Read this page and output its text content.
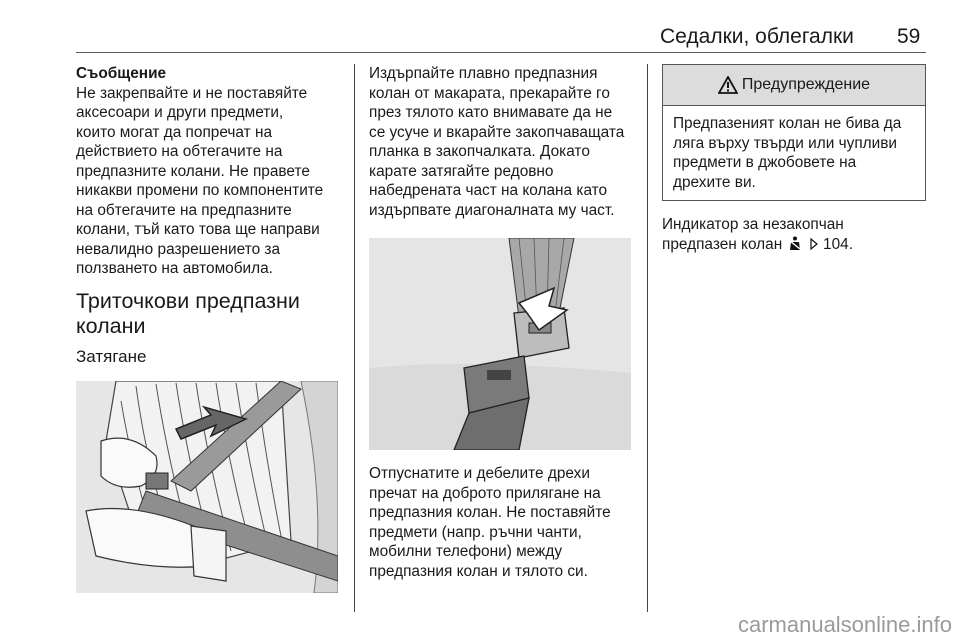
Седалки, облегалки 59

Съобщение

Не закрепвайте и не поставяйте

аксесоари и други предмети,

които могат да попречат на

действието на обтегачите на

предпазните колани. Не правете

никакви промени по компонентите

на обтегачите на предпазните

колани, тъй като това ще направи

невалидно разрешението за

ползването на автомобила.

Триточкови предпазни
колани
Затягане

Издърпайте плавно предпазния

колан от макарата, прекарайте го

през тялото като внимавате да не

се усуче и вкарайте закопчаващата

планка в закопчалката. Докато

карате затягайте редовно

набедрената част на колана като

издърпвате диагоналната му част.

Отпуснатите и дебелите дрехи

пречат на доброто прилягане на

предпазния колан. Не поставяйте

предмети (напр. ръчни чанти,

мобилни телефони) между

предпазния колан и тялото си.

Предупреждение

Предпазеният колан не бива да

ляга върху твърди или чупливи

предмети в джобовете на

дрехите ви.

Индикатор за незакопчан

предпазен колан	104.

carmanualsonline.info
